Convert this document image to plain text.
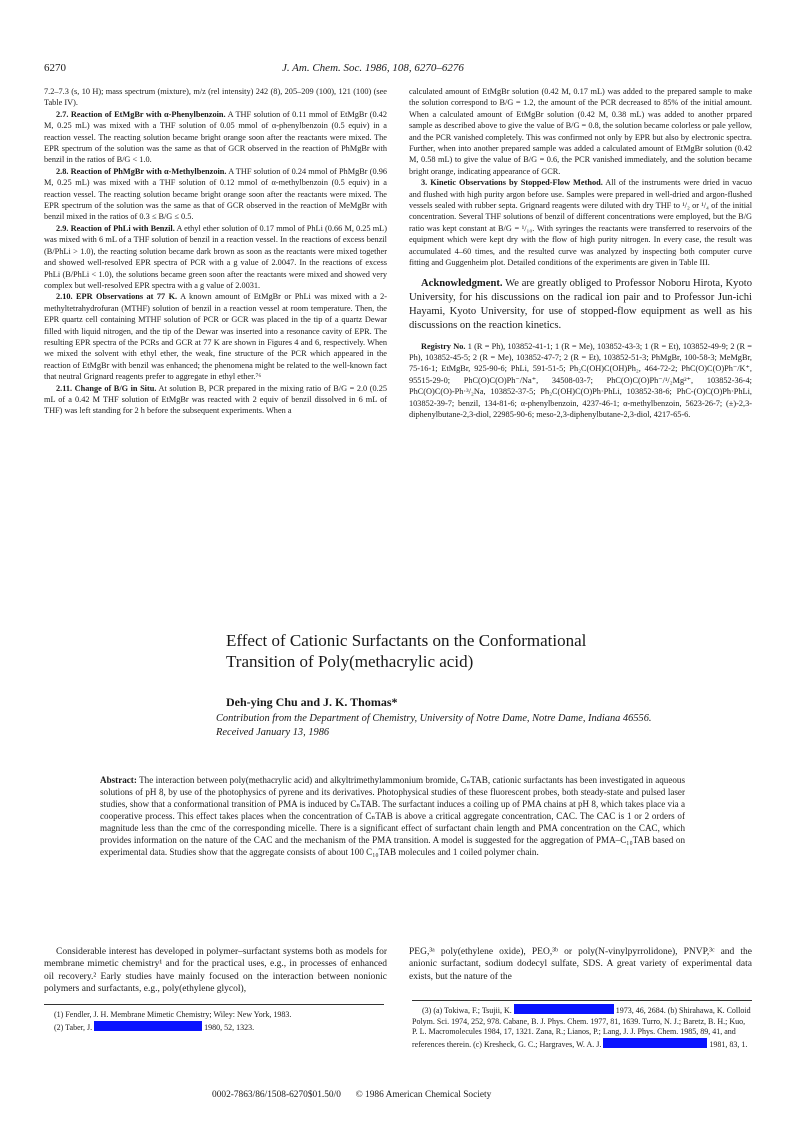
6270	J. Am. Chem. Soc. 1986, 108, 6270–6276

7.2–7.3 (s, 10 H); mass spectrum (mixture), m/z (rel intensity) 242 (8), 205–209 (100), 121 (100) (see Table IV).

2.7. Reaction of EtMgBr with α-Phenylbenzoin. A THF solution of 0.11 mmol of EtMgBr (0.42 M, 0.25 mL) was mixed with a THF solution of 0.05 mmol of α-phenylbenzoin (0.5 equiv) in a reaction vessel. The reacting solution became bright orange soon after the reactants were mixed. The EPR spectrum of the solution was the same as that of GCR observed in the reaction of PhMgBr with benzil in the ratios of B/G < 1.0.

2.8. Reaction of PhMgBr with α-Methylbenzoin. A THF solution of 0.24 mmol of PhMgBr (0.96 M, 0.25 mL) was mixed with a THF solution of 0.12 mmol of α-methylbenzoin (0.5 equiv) in a reaction vessel. The reacting solution became bright orange soon after the reactants were mixed. The EPR spectrum of the solution was the same as that of GCR observed in the reaction of MeMgBr with benzil mixed in the ratios of 0.3 ≤ B/G ≤ 0.5.

2.9. Reaction of PhLi with Benzil. A ethyl ether solution of 0.17 mmol of PhLi (0.66 M, 0.25 mL) was mixed with 6 mL of a THF solution of benzil in a reaction vessel. In the reactions of excess benzil (B/PhLi > 1.0), the reacting solution became dark brown as soon as the reactants were mixed together and showed well-resolved EPR spectra of PCR with a g value of 2.0047. In the reactions of excess PhLi (B/PhLi < 1.0), the solutions became green soon after the reactants were mixed and showed very complex but well-resolved EPR spectra with a g value of 2.0031.

2.10. EPR Observations at 77 K. A known amount of EtMgBr or PhLi was mixed with a 2-methyltetrahydrofuran (MTHF) solution of benzil in a reaction vessel at room temperature. Then, the EPR quartz cell containing MTHF solution of PCR or GCR was placed in the tip of a quartz Dewar filled with liquid nitrogen, and the tip of the Dewar was inserted into a resonance cavity of EPR. The resulting EPR spectra of the PCRs and GCR at 77 K are shown in Figures 4 and 6, respectively. When we mixed the solvent with ethyl ether, the weak, fine structure of the PCR which appeared in the reaction of EtMgBr with benzil was enhanced; the phenomena might be related to the well-known fact that neutral Grignard reagents prefer to aggregate in ethyl ether.⁷⁶

2.11. Change of B/G in Situ. At solution B, PCR prepared in the mixing ratio of B/G = 2.0 (0.25 mL of a 0.42 M THF solution of EtMgBr was reacted with 2 equiv of benzil dissolved in 6 mL of THF) was left standing for 2 h before the subsequent experiments. When a

calculated amount of EtMgBr solution (0.42 M, 0.17 mL) was added to the prepared sample to make the solution correspond to B/G = 1.2, the amount of the PCR decreased to 85% of the initial amount. When a calculated amount of EtMgBr solution (0.42 M, 0.38 mL) was added to another prpared sample as described above to give the value of B/G = 0.8, the solution became colorless or pale yellow, and the PCR vanished completely. This was confirmed not only by EPR but also by electronic spectra. Further, when into another prepared sample was added a calculated amount of EtMgBr solution (0.42 M, 0.58 mL) to give the value of B/G = 0.6, the PCR vanished immediately, and the solution became bright orange, indicating appearance of GCR.

3. Kinetic Observations by Stopped-Flow Method. All of the instruments were dried in vacuo and flushed with high purity argon before use. Samples were prepared in well-dried and argon-flushed vessels sealed with rubber septa. Grignard reagents were diluted with dry THF to ¹/₂ or ¹/₄ of the initial concentration. Several THF solutions of benzil of different concentrations were employed, but the B/G ratio was kept constant at B/G = ¹/₁₀. With syringes the reactants were transferred to reservoirs of the equipment which were kept dry with the flow of high purity nitrogen. In every case, the result was accumulated 4–60 times, and the resulted curve was analyzed by inspecting both computer curve fitting and Guggenheim plot. Detailed conditions of the experiments are given in Table III.

Acknowledgment. We are greatly obliged to Professor Noboru Hirota, Kyoto University, for his discussions on the radical ion pair and to Professor Jun-ichi Hayami, Kyoto University, for use of stopped-flow equipment as well as his discussions on the reaction kinetics.

Registry No. 1 (R = Ph), 103852-41-1; 1 (R = Me), 103852-43-3; 1 (R = Et), 103852-49-9; 2 (R = Ph), 103852-45-5; 2 (R = Me), 103852-47-7; 2 (R = Et), 103852-51-3; PhMgBr, 100-58-3; MeMgBr, 75-16-1; EtMgBr, 925-90-6; PhLi, 591-51-5; Ph₂C(OH)C(OH)Ph₂, 464-72-2; PhC(O)C(O)Ph⁻/K⁺, 95515-29-0; PhC(O)C(O)Ph⁻/Na⁺, 34508-03-7; PhC(O)C(O)Ph⁻/¹/₂Mg²⁺, 103852-36-4; PhC(O)C(O)-Ph·³/₂Na, 103852-37-5; Ph₂C(OH)C(O)Ph·PhLi, 103852-38-6; PhC-(O)C(O)Ph·PhLi, 103852-39-7; benzil, 134-81-6; α-phenylbenzoin, 4237-46-1; α-methylbenzoin, 5623-26-7; (±)-2,3-diphenylbutane-2,3-diol, 22985-90-6; meso-2,3-diphenylbutane-2,3-diol, 4217-65-6.

Effect of Cationic Surfactants on the Conformational
Transition of Poly(methacrylic acid)
Deh-ying Chu and J. K. Thomas*
Contribution from the Department of Chemistry, University of Notre Dame, Notre Dame, Indiana 46556. Received January 13, 1986
Abstract: The interaction between poly(methacrylic acid) and alkyltrimethylammonium bromide, CₙTAB, cationic surfactants has been investigated in aqueous solutions of pH 8, by use of the photophysics of pyrene and its derivatives. Photophysical studies of these fluorescent probes, both steady-state and pulsed laser studies, show that a conformational transition of PMA is induced by CₙTAB. The surfactant induces a coiling up of PMA chains at pH 8, which takes place via a cooperative process. This effect takes places when the concentration of CₙTAB is above a critical aggregate concentration, CAC. The CAC is 1 or 2 orders of magnitude less than the cmc of the corresponding micelle. There is a significant effect of surfactant chain length and PMA concentration on the CAC, which provides information on the nature of the CAC and the mechanism of the PMA transition. A model is suggested for the aggregation of PMA–C₁₀TAB based on experimental data. Studies show that the aggregate consists of about 100 C₁₀TAB molecules and 1 coiled polymer chain.
Considerable interest has developed in polymer–surfactant systems both as models for membrane mimetic chemistry¹ and for the practical uses, e.g., in processes of enhanced oil recovery.² Early studies have mainly focused on the interaction between nonionic polymers and surfactants, e.g., poly(ethylene glycol),
PEG,³ᵃ poly(ethylene oxide), PEO,³ᵇ or poly(N-vinylpyrrolidone), PNVP,³ᶜ and the anionic surfactant, sodium dodecyl sulfate, SDS. A great variety of experimental data exists, but the nature of the
(1) Fendler, J. H. Membrane Mimetic Chemistry; Wiley: New York, 1983.
(2) Taber, J.	1980, 52, 1323.
(3) (a) Tokiwa, F.; Tsujii, K.	1973, 46, 2684. (b) Shirahawa, K. Colloid Polym. Sci. 1974, 252, 978. Cabane, B. J. Phys. Chem. 1977, 81, 1639. Turro, N. J.; Baretz, B. H.; Kuo, P. L. Macromolecules 1984, 17, 1321. Zana, R.; Lianos, P.; Lang, J. J. Phys. Chem. 1985, 89, 41, and references therein. (c) Kresheck, G. C.; Hargraves, W. A. J.	1981, 83, 1.
0002-7863/86/1508-6270$01.50/0 © 1986 American Chemical Society
